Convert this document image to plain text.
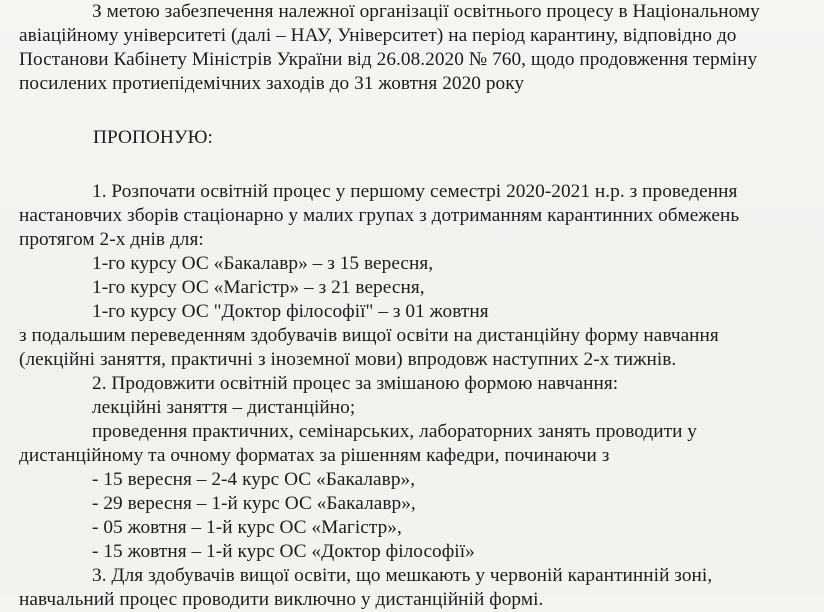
З метою забезпечення належної організації освітнього процесу в Національному
авіаційному університеті (далі – НАУ, Університет) на період карантину, відповідно до
Постанови Кабінету Міністрів України від 26.08.2020 № 760, щодо продовження терміну
посилених протиепідемічних заходів до 31 жовтня 2020 року
ПРОПОНУЮ:
1. Розпочати освітній процес у першому семестрі 2020-2021 н.р. з проведення
настановчих зборів стаціонарно у малих групах з дотриманням карантинних обмежень
протягом 2-х днів для:
1-го курсу ОС «Бакалавр» – з 15 вересня,
1-го курсу ОС «Магістр» – з 21 вересня,
1-го курсу ОС "Доктор філософії" – з 01 жовтня
з подальшим переведенням здобувачів вищої освіти на дистанційну форму навчання
(лекційні заняття, практичні з іноземної мови) впродовж наступних 2-х тижнів.
2. Продовжити освітній процес за змішаною формою навчання:
лекційні заняття – дистанційно;
проведення практичних, семінарських, лабораторних занять проводити у
дистанційному та очному форматах за рішенням кафедри, починаючи з
- 15 вересня – 2-4 курс ОС «Бакалавр»,
- 29 вересня – 1-й курс ОС «Бакалавр»,
- 05 жовтня – 1-й курс ОС «Магістр»,
- 15 жовтня – 1-й курс ОС «Доктор філософії»
3. Для здобувачів вищої освіти, що мешкають у червоній карантинній зоні,
навчальний процес проводити виключно у дистанційній формі.
